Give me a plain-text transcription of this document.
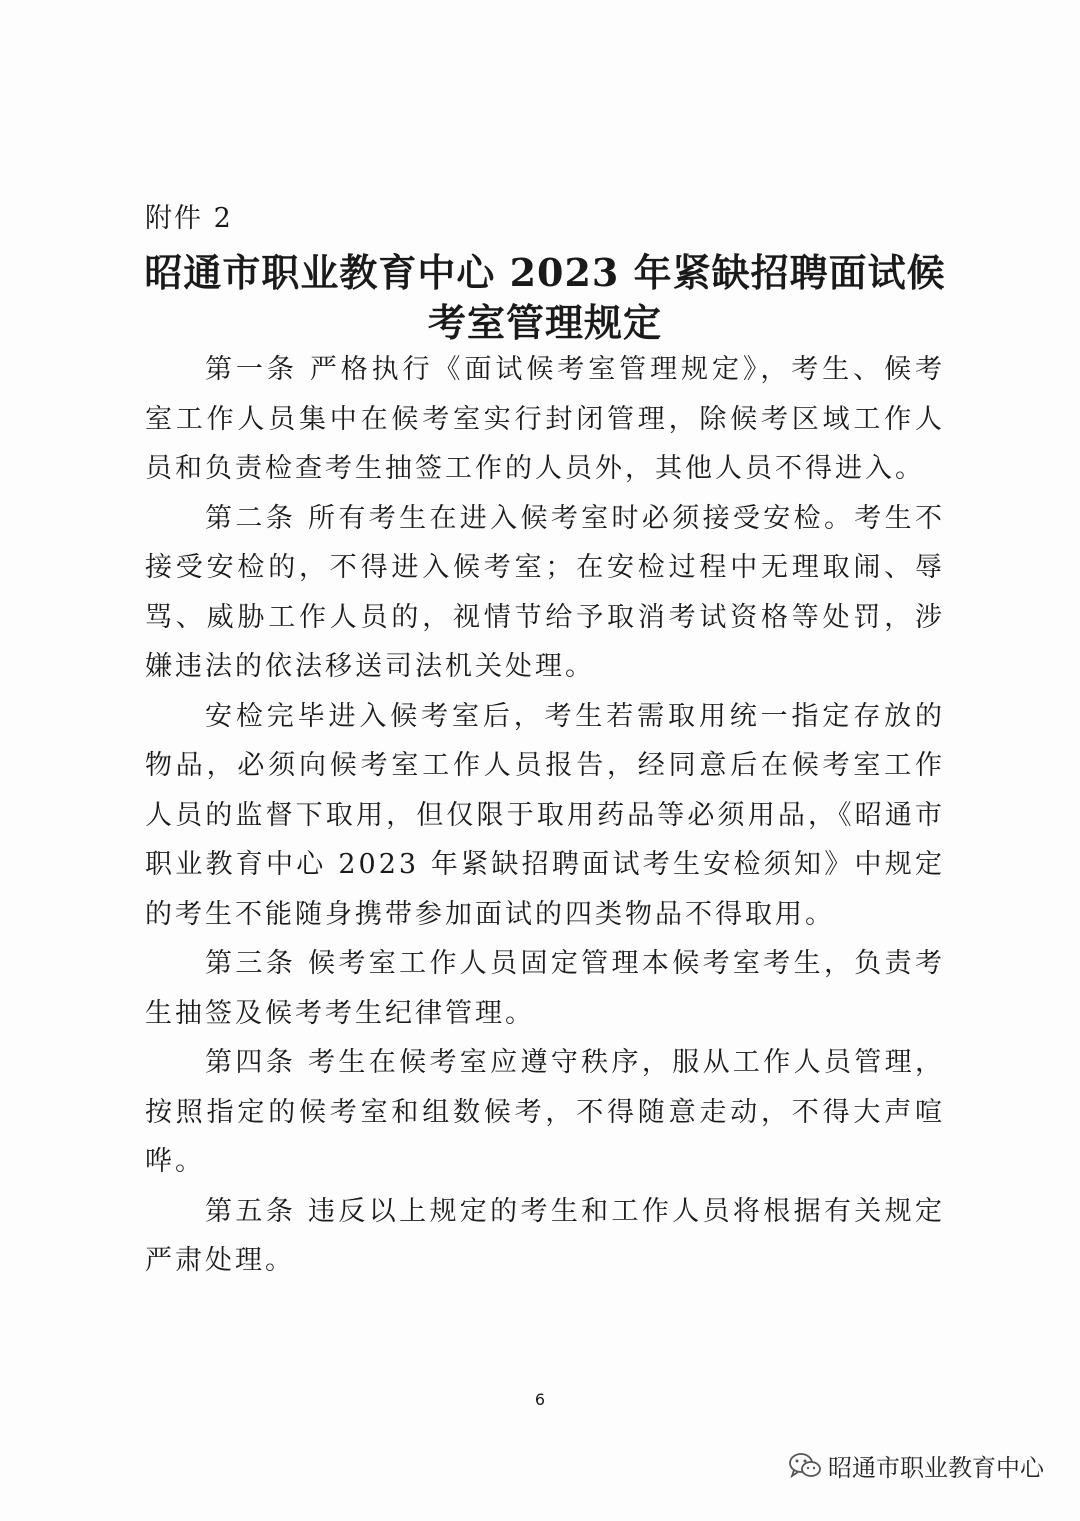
附件 2
昭通市职业教育中心 2023 年紧缺招聘面试候
考室管理规定

第一条 严格执行《面试候考室管理规定》，考生、候考室工作人员集中在候考室实行封闭管理，除候考区域工作人员和负责检查考生抽签工作的人员外，其他人员不得进入。

第二条 所有考生在进入候考室时必须接受安检。考生不接受安检的，不得进入候考室；在安检过程中无理取闹、辱骂、威胁工作人员的，视情节给予取消考试资格等处罚，涉嫌违法的依法移送司法机关处理。

安检完毕进入候考室后，考生若需取用统一指定存放的物品，必须向候考室工作人员报告，经同意后在候考室工作人员的监督下取用，但仅限于取用药品等必须用品，《昭通市职业教育中心 2023 年紧缺招聘面试考生安检须知》中规定的考生不能随身携带参加面试的四类物品不得取用。

第三条 候考室工作人员固定管理本候考室考生，负责考生抽签及候考考生纪律管理。

第四条 考生在候考室应遵守秩序，服从工作人员管理，按照指定的候考室和组数候考，不得随意走动，不得大声喧哗。

第五条 违反以上规定的考生和工作人员将根据有关规定严肃处理。

6
昭通市职业教育中心
